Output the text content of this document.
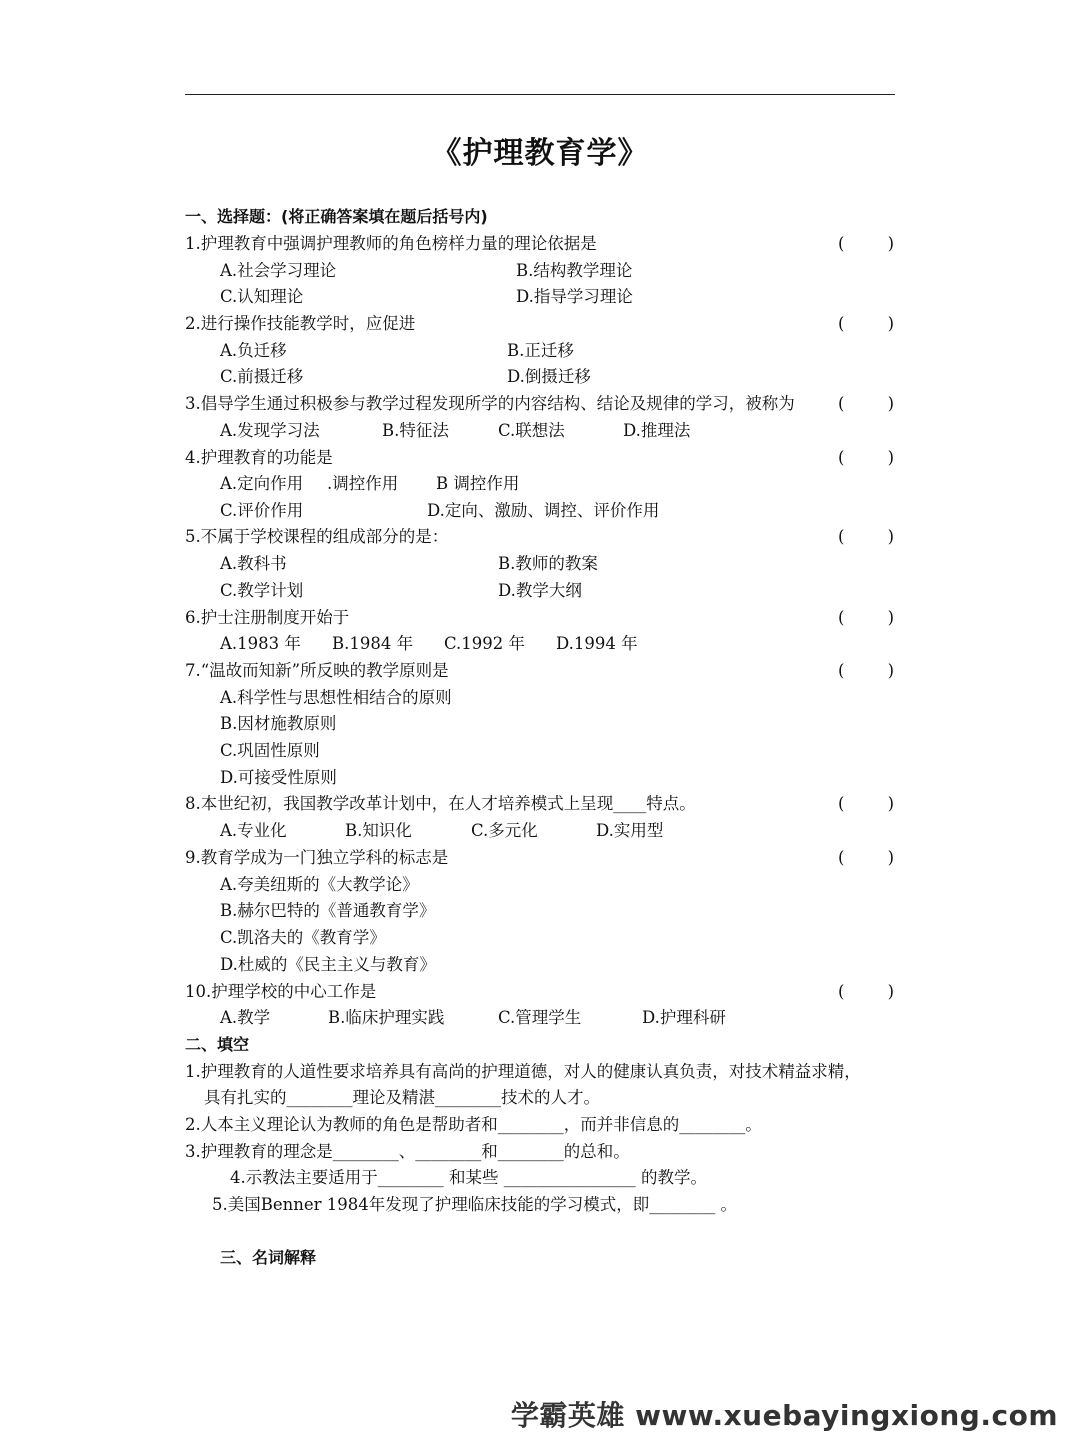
《护理教育学》
一、选择题：(将正确答案填在题后括号内)
1.护理教育中强调护理教师的角色榜样力量的理论依据是	(	)
A.社会学习理论	B.结构教学理论
C.认知理论	D.指导学习理论
2.进行操作技能教学时，应促进	(	)
A.负迁移	B.正迁移
C.前摄迁移	D.倒摄迁移
3.倡导学生通过积极参与教学过程发现所学的内容结构、结论及规律的学习，被称为	(	)
A.发现学习法	B.特征法	C.联想法	D.推理法
4.护理教育的功能是	(	)
A.定向作用 .调控作用 B 调控作用
C.评价作用	D.定向、激励、调控、评价作用
5.不属于学校课程的组成部分的是：	(	)
A.教科书	B.教师的教案
C.教学计划	D.教学大纲
6.护士注册制度开始于	(	)
A.1983 年 B.1984 年 C.1992 年 D.1994 年
7.“温故而知新”所反映的教学原则是	(	)
A.科学性与思想性相结合的原则
B.因材施教原则
C.巩固性原则
D.可接受性原则
8.本世纪初，我国教学改革计划中，在人才培养模式上呈现____特点。	(	)
A.专业化	B.知识化	C.多元化	D.实用型
9.教育学成为一门独立学科的标志是	(	)
A.夸美纽斯的《大教学论》
B.赫尔巴特的《普通教育学》
C.凯洛夫的《教育学》
D.杜威的《民主主义与教育》
10.护理学校的中心工作是	(	)
A.教学	B.临床护理实践	C.管理学生	D.护理科研
二、填空
1.护理教育的人道性要求培养具有高尚的护理道德，对人的健康认真负责，对技术精益求精，
具有扎实的________理论及精湛________技术的人才。
2.人本主义理论认为教师的角色是帮助者和________，而并非信息的________。
3.护理教育的理念是________、________和________的总和。
4.示教法主要适用于________ 和某些 ________________ 的教学。
5.美国Benner 1984年发现了护理临床技能的学习模式，即________ 。
三、名词解释
学霸英雄 www.xuebayingxiong.com
